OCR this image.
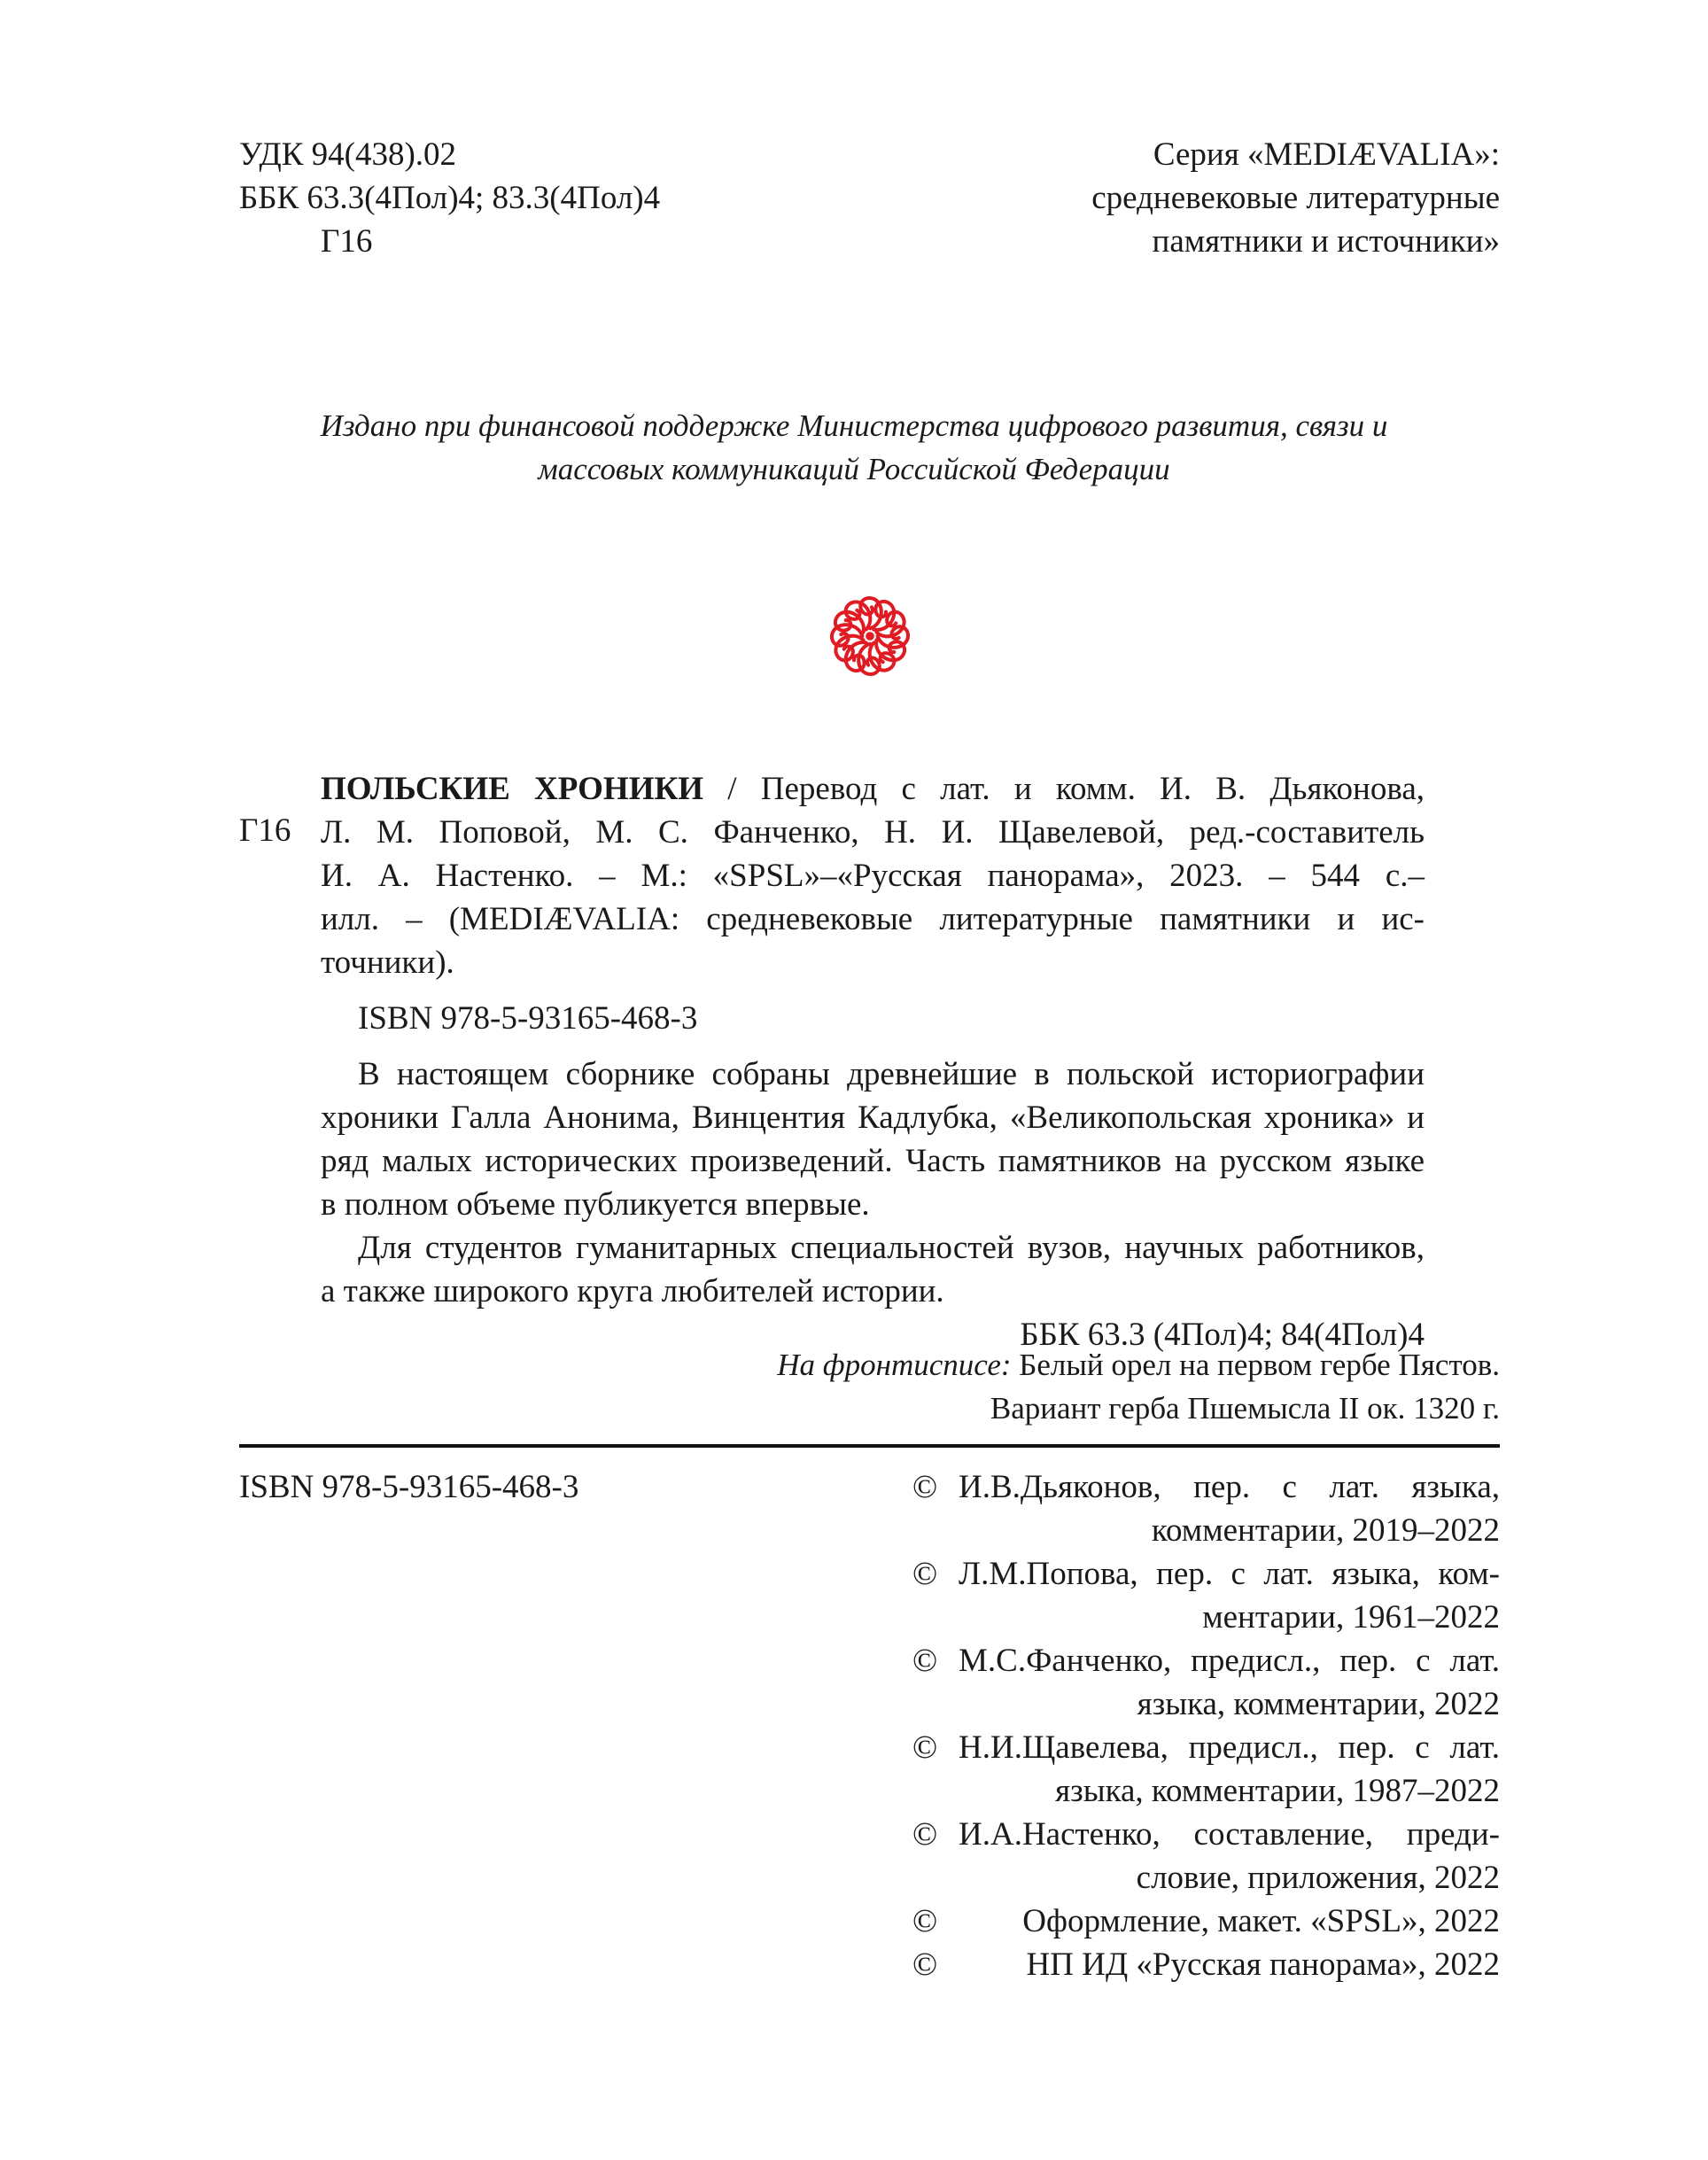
УДК 94(438).02
ББК 63.3(4Пол)4; 83.3(4Пол)4
Г16
Серия «MEDIÆVALIA»:
средневековые литературные
памятники и источники»
Издано при финансовой поддержке Министерства цифрового развития, связи и
массовых коммуникаций Российской Федерации
Г16
ПОЛЬСКИЕ ХРОНИКИ / Перевод с лат. и комм. И. В. Дьяконова,
Л. М. Поповой, М. С. Фанченко, Н. И. Щавелевой, ред.-составитель
И. А. Настенко. – М.: «SPSL»–«Русская панорама», 2023. – 544 с.–
илл. – (MEDIÆVALIA: средневековые литературные памятники и ис-
точники).
ISBN 978-5-93165-468-3
В настоящем сборнике собраны древнейшие в польской историографии
хроники Галла Анонима, Винцентия Кадлубка, «Великопольская хроника» и
ряд малых исторических произведений. Часть памятников на русском языке
в полном объеме публикуется впервые.
Для студентов гуманитарных специальностей вузов, научных работников,
а также широкого круга любителей истории.
ББК 63.3 (4Пол)4; 84(4Пол)4
На фронтисписе: Белый орел на первом гербе Пястов.
Вариант герба Пшемысла II ок. 1320 г.
ISBN 978-5-93165-468-3	© И.В.Дьяконов, пер. с лат. языка,
комментарии, 2019–2022
© Л.М.Попова, пер. с лат. языка, ком-
ментарии, 1961–2022
© М.С.Фанченко, предисл., пер. с лат.
языка, комментарии, 2022
© Н.И.Щавелева, предисл., пер. с лат.
языка, комментарии, 1987–2022
© И.А.Настенко, составление, преди-
словие, приложения, 2022
©	Оформление, макет. «SPSL», 2022
©	НП ИД «Русская панорама», 2022
